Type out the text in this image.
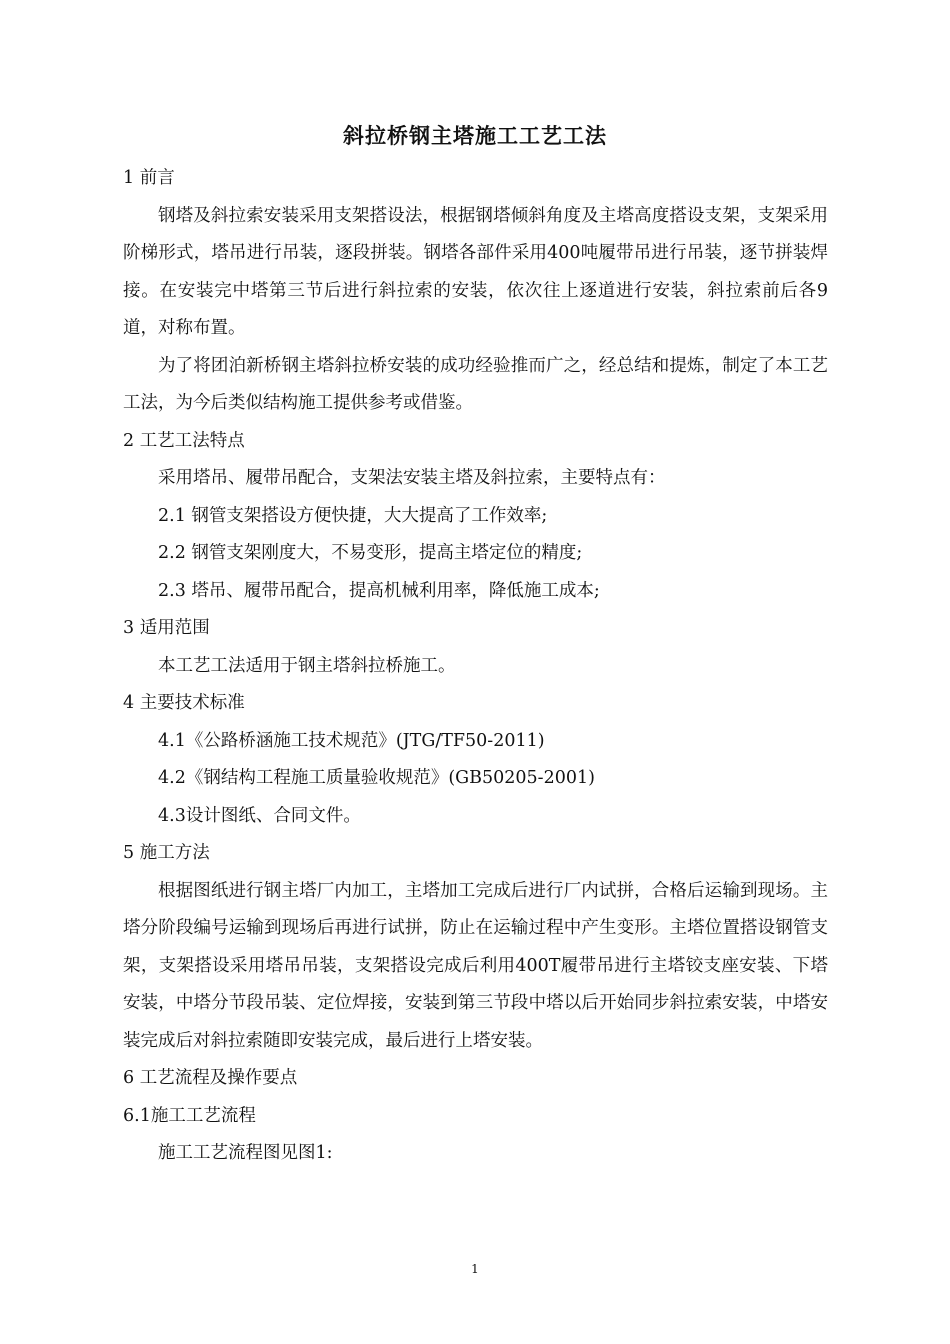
斜拉桥钢主塔施工工艺工法

1 前言

钢塔及斜拉索安装采用支架搭设法，根据钢塔倾斜角度及主塔高度搭设支架，支架采用阶梯形式，塔吊进行吊装，逐段拼装。钢塔各部件采用400吨履带吊进行吊装，逐节拼装焊接。在安装完中塔第三节后进行斜拉索的安装，依次往上逐道进行安装，斜拉索前后各9道，对称布置。

为了将团泊新桥钢主塔斜拉桥安装的成功经验推而广之，经总结和提炼，制定了本工艺工法，为今后类似结构施工提供参考或借鉴。

2 工艺工法特点

采用塔吊、履带吊配合，支架法安装主塔及斜拉索，主要特点有：

2.1 钢管支架搭设方便快捷，大大提高了工作效率;

2.2 钢管支架刚度大，不易变形，提高主塔定位的精度;

2.3 塔吊、履带吊配合，提高机械利用率，降低施工成本;

3 适用范围

本工艺工法适用于钢主塔斜拉桥施工。

4 主要技术标准

4.1《公路桥涵施工技术规范》(JTG/TF50-2011)

4.2《钢结构工程施工质量验收规范》(GB50205-2001)

4.3设计图纸、合同文件。

5 施工方法

根据图纸进行钢主塔厂内加工，主塔加工完成后进行厂内试拼，合格后运输到现场。主塔分阶段编号运输到现场后再进行试拼，防止在运输过程中产生变形。主塔位置搭设钢管支架，支架搭设采用塔吊吊装，支架搭设完成后利用400T履带吊进行主塔铰支座安装、下塔安装，中塔分节段吊装、定位焊接，安装到第三节段中塔以后开始同步斜拉索安装，中塔安装完成后对斜拉索随即安装完成，最后进行上塔安装。

6 工艺流程及操作要点

6.1施工工艺流程

施工工艺流程图见图1:

1
